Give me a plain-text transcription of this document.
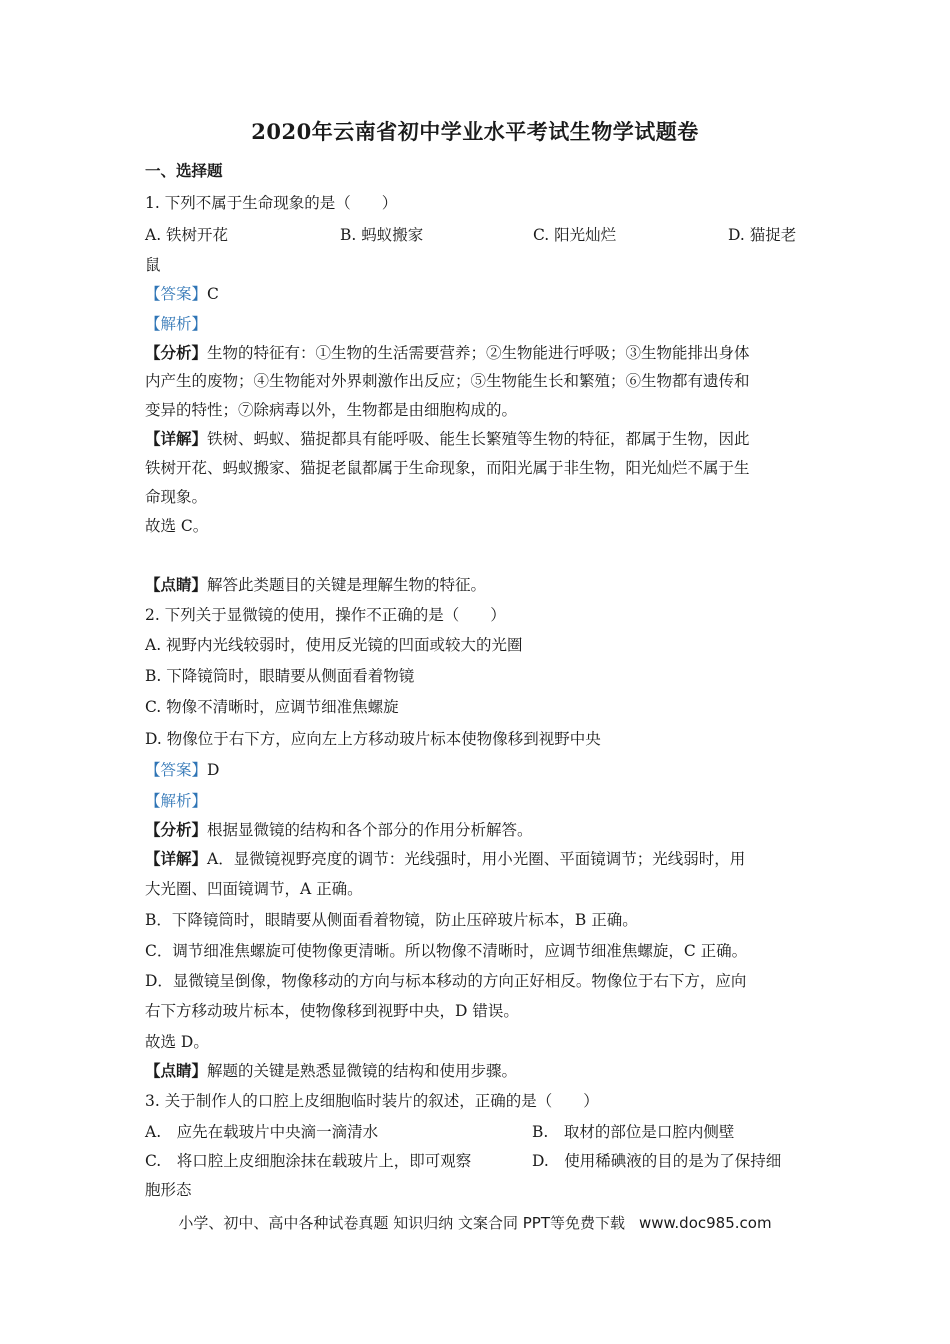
2020年云南省初中学业水平考试生物学试题卷
一、选择题
1. 下列不属于生命现象的是（　　）
A. 铁树开花	B. 蚂蚁搬家	C. 阳光灿烂	D. 猫捉老
鼠
【答案】C
【解析】
【分析】生物的特征有：①生物的生活需要营养；②生物能进行呼吸；③生物能排出身体
内产生的废物；④生物能对外界刺激作出反应；⑤生物能生长和繁殖；⑥生物都有遗传和
变异的特性；⑦除病毒以外，生物都是由细胞构成的。
【详解】铁树、蚂蚁、猫捉都具有能呼吸、能生长繁殖等生物的特征，都属于生物，因此
铁树开花、蚂蚁搬家、猫捉老鼠都属于生命现象，而阳光属于非生物，阳光灿烂不属于生
命现象。
故选 C。
【点睛】解答此类题目的关键是理解生物的特征。
2. 下列关于显微镜的使用，操作不正确的是（　　）
A. 视野内光线较弱时，使用反光镜的凹面或较大的光圈
B. 下降镜筒时，眼睛要从侧面看着物镜
C. 物像不清晰时，应调节细准焦螺旋
D. 物像位于右下方，应向左上方移动玻片标本使物像移到视野中央
【答案】D
【解析】
【分析】根据显微镜的结构和各个部分的作用分析解答。
【详解】A．显微镜视野亮度的调节：光线强时，用小光圈、平面镜调节；光线弱时，用
大光圈、凹面镜调节，A 正确。
B．下降镜筒时，眼睛要从侧面看着物镜，防止压碎玻片标本，B 正确。
C．调节细准焦螺旋可使物像更清晰。所以物像不清晰时，应调节细准焦螺旋，C 正确。
D．显微镜呈倒像，物像移动的方向与标本移动的方向正好相反。物像位于右下方，应向
右下方移动玻片标本，使物像移到视野中央，D 错误。
故选 D。
【点睛】解题的关键是熟悉显微镜的结构和使用步骤。
3. 关于制作人的口腔上皮细胞临时装片的叙述，正确的是（　　）
A.　应先在载玻片中央滴一滴清水	B.　取材的部位是口腔内侧壁
C.　将口腔上皮细胞涂抹在载玻片上，即可观察	D.　使用稀碘液的目的是为了保持细
胞形态
小学、初中、高中各种试卷真题 知识归纳 文案合同 PPT等免费下载 www.doc985.com
